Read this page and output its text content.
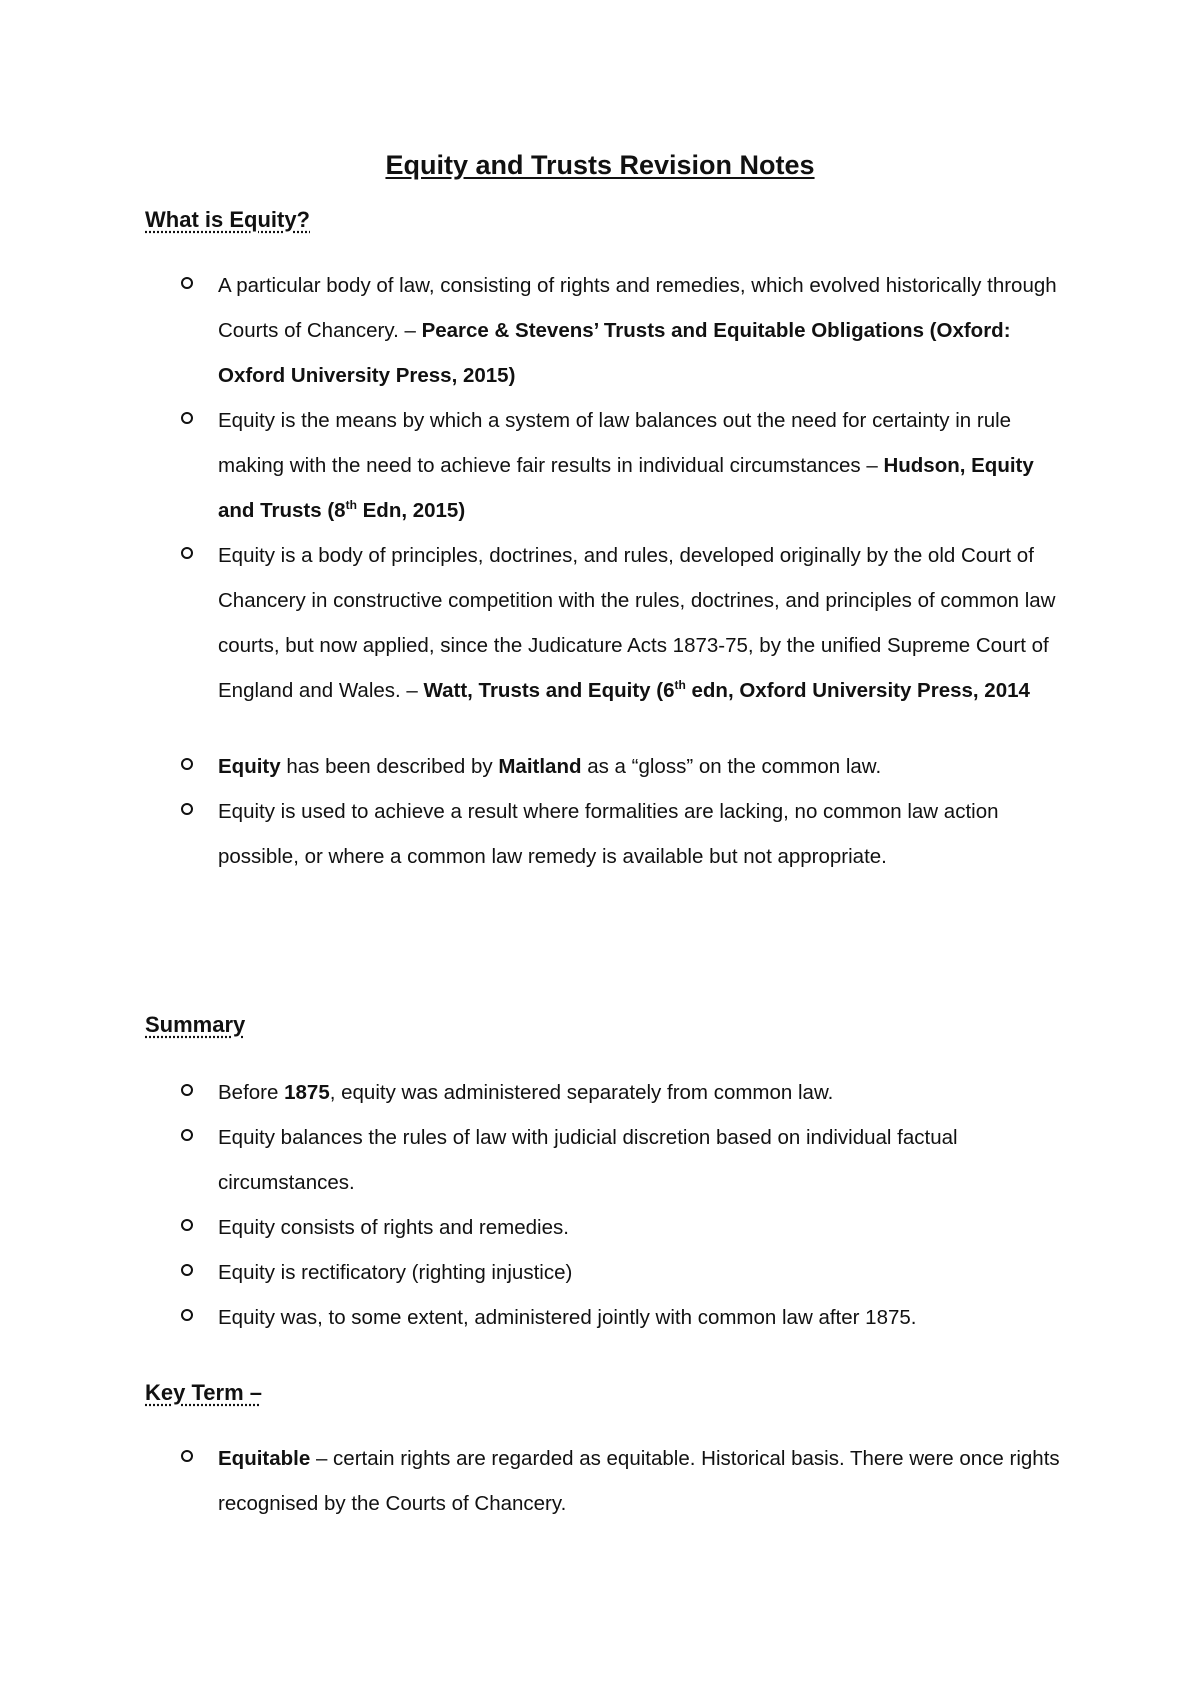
Equity and Trusts Revision Notes
What is Equity?
A particular body of law, consisting of rights and remedies, which evolved historically through Courts of Chancery. – Pearce & Stevens’ Trusts and Equitable Obligations (Oxford: Oxford University Press, 2015)
Equity is the means by which a system of law balances out the need for certainty in rule making with the need to achieve fair results in individual circumstances – Hudson, Equity and Trusts (8th Edn, 2015)
Equity is a body of principles, doctrines, and rules, developed originally by the old Court of Chancery in constructive competition with the rules, doctrines, and principles of common law courts, but now applied, since the Judicature Acts 1873-75, by the unified Supreme Court of England and Wales. – Watt, Trusts and Equity (6th edn, Oxford University Press, 2014
Equity has been described by Maitland as a “gloss” on the common law.
Equity is used to achieve a result where formalities are lacking, no common law action possible, or where a common law remedy is available but not appropriate.
Summary
Before 1875, equity was administered separately from common law.
Equity balances the rules of law with judicial discretion based on individual factual circumstances.
Equity consists of rights and remedies.
Equity is rectificatory (righting injustice)
Equity was, to some extent, administered jointly with common law after 1875.
Key Term –
Equitable – certain rights are regarded as equitable. Historical basis. There were once rights recognised by the Courts of Chancery.
